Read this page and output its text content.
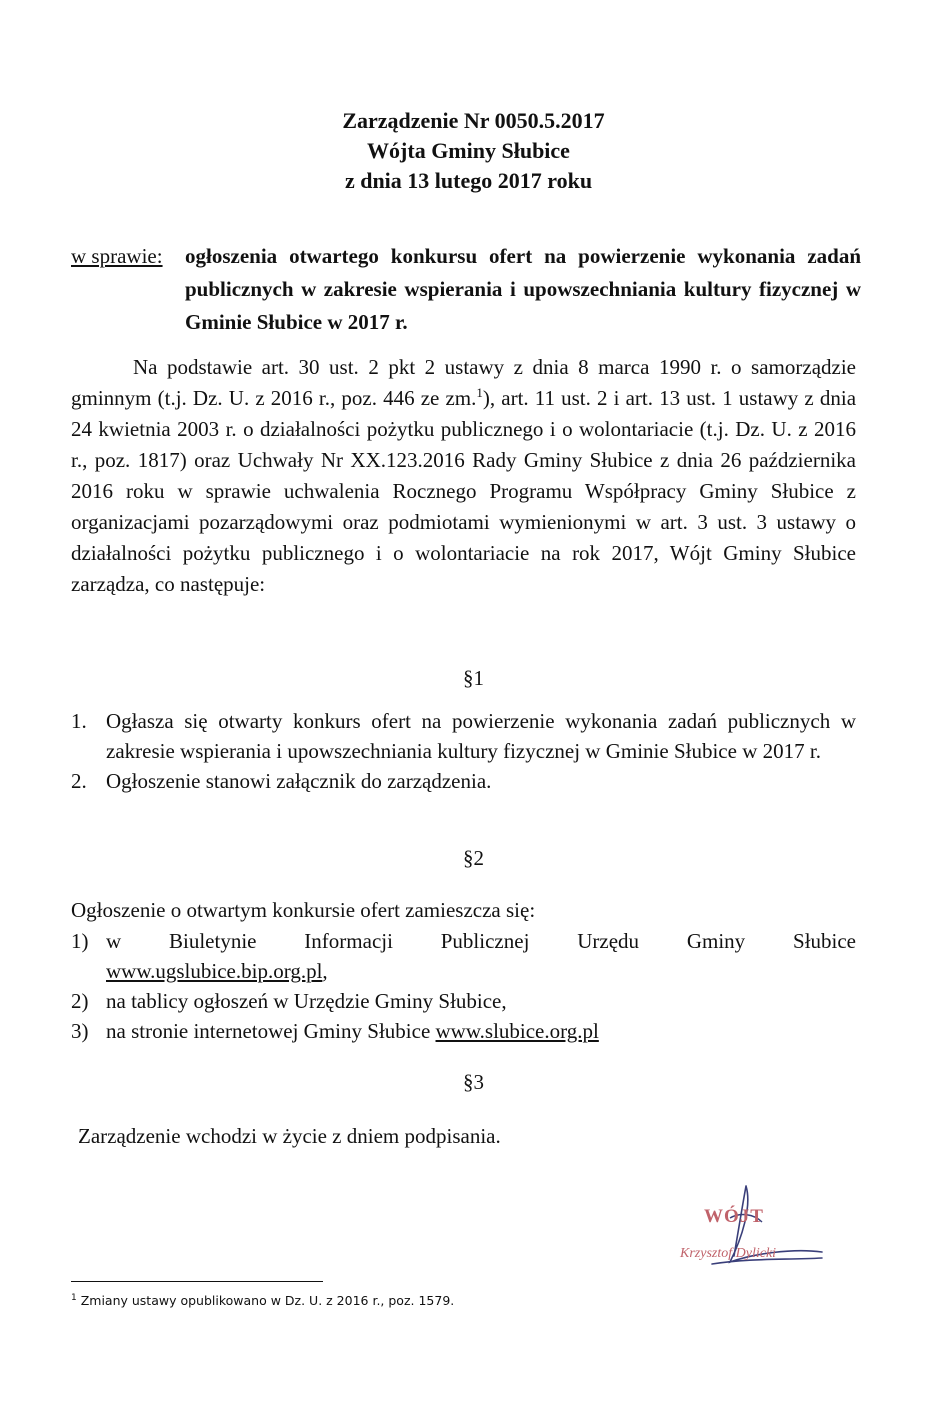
Zarządzenie Nr 0050.5.2017
Wójta Gminy Słubice
z dnia 13 lutego 2017 roku
w sprawie: ogłoszenia otwartego konkursu ofert na powierzenie wykonania zadań publicznych w zakresie wspierania i upowszechniania kultury fizycznej w Gminie Słubice w 2017 r.
Na podstawie art. 30 ust. 2 pkt 2 ustawy z dnia 8 marca 1990 r. o samorządzie gminnym (t.j. Dz. U. z 2016 r., poz. 446 ze zm.$^1$), art. 11 ust. 2 i art. 13 ust. 1 ustawy z dnia 24 kwietnia 2003 r. o działalności pożytku publicznego i o wolontariacie (t.j. Dz. U. z 2016 r., poz. 1817) oraz Uchwały Nr XX.123.2016 Rady Gminy Słubice z dnia 26 października 2016 roku w sprawie uchwalenia Rocznego Programu Współpracy Gminy Słubice z organizacjami pozarządowymi oraz podmiotami wymienionymi w art. 3 ust. 3 ustawy o działalności pożytku publicznego i o wolontariacie na rok 2017, Wójt Gminy Słubice zarządza, co następuje:
§1
1. Ogłasza się otwarty konkurs ofert na powierzenie wykonania zadań publicznych w zakresie wspierania i upowszechniania kultury fizycznej w Gminie Słubice w 2017 r.
2. Ogłoszenie stanowi załącznik do zarządzenia.
§2
Ogłoszenie o otwartym konkursie ofert zamieszcza się:
1) w Biuletynie Informacji Publicznej Urzędu Gminy Słubice
www.ugslubice.bip.org.pl,
2) na tablicy ogłoszeń w Urzędzie Gminy Słubice,
3) na stronie internetowej Gminy Słubice www.slubice.org.pl
§3
Zarządzenie wchodzi w życie z dniem podpisania.
WÓJT
Krzysztof Dylicki
$^1$ Zmiany ustawy opublikowano w Dz. U. z 2016 r., poz. 1579.
